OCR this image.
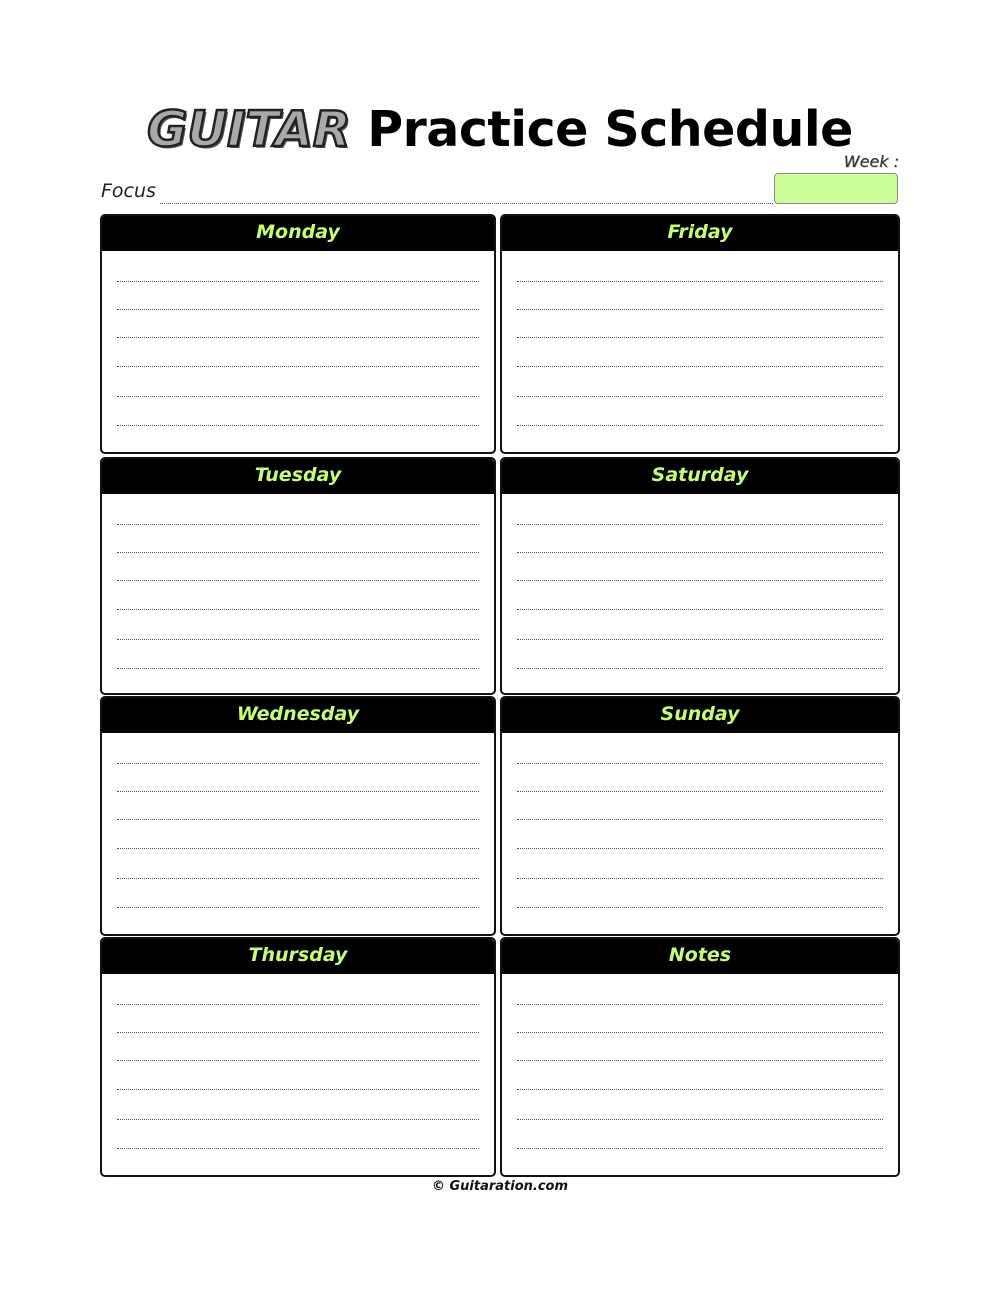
GUITAR Practice Schedule
Week :
Focus
Monday
Tuesday
Wednesday
Thursday
Friday
Saturday
Sunday
Notes
© Guitaration.com
